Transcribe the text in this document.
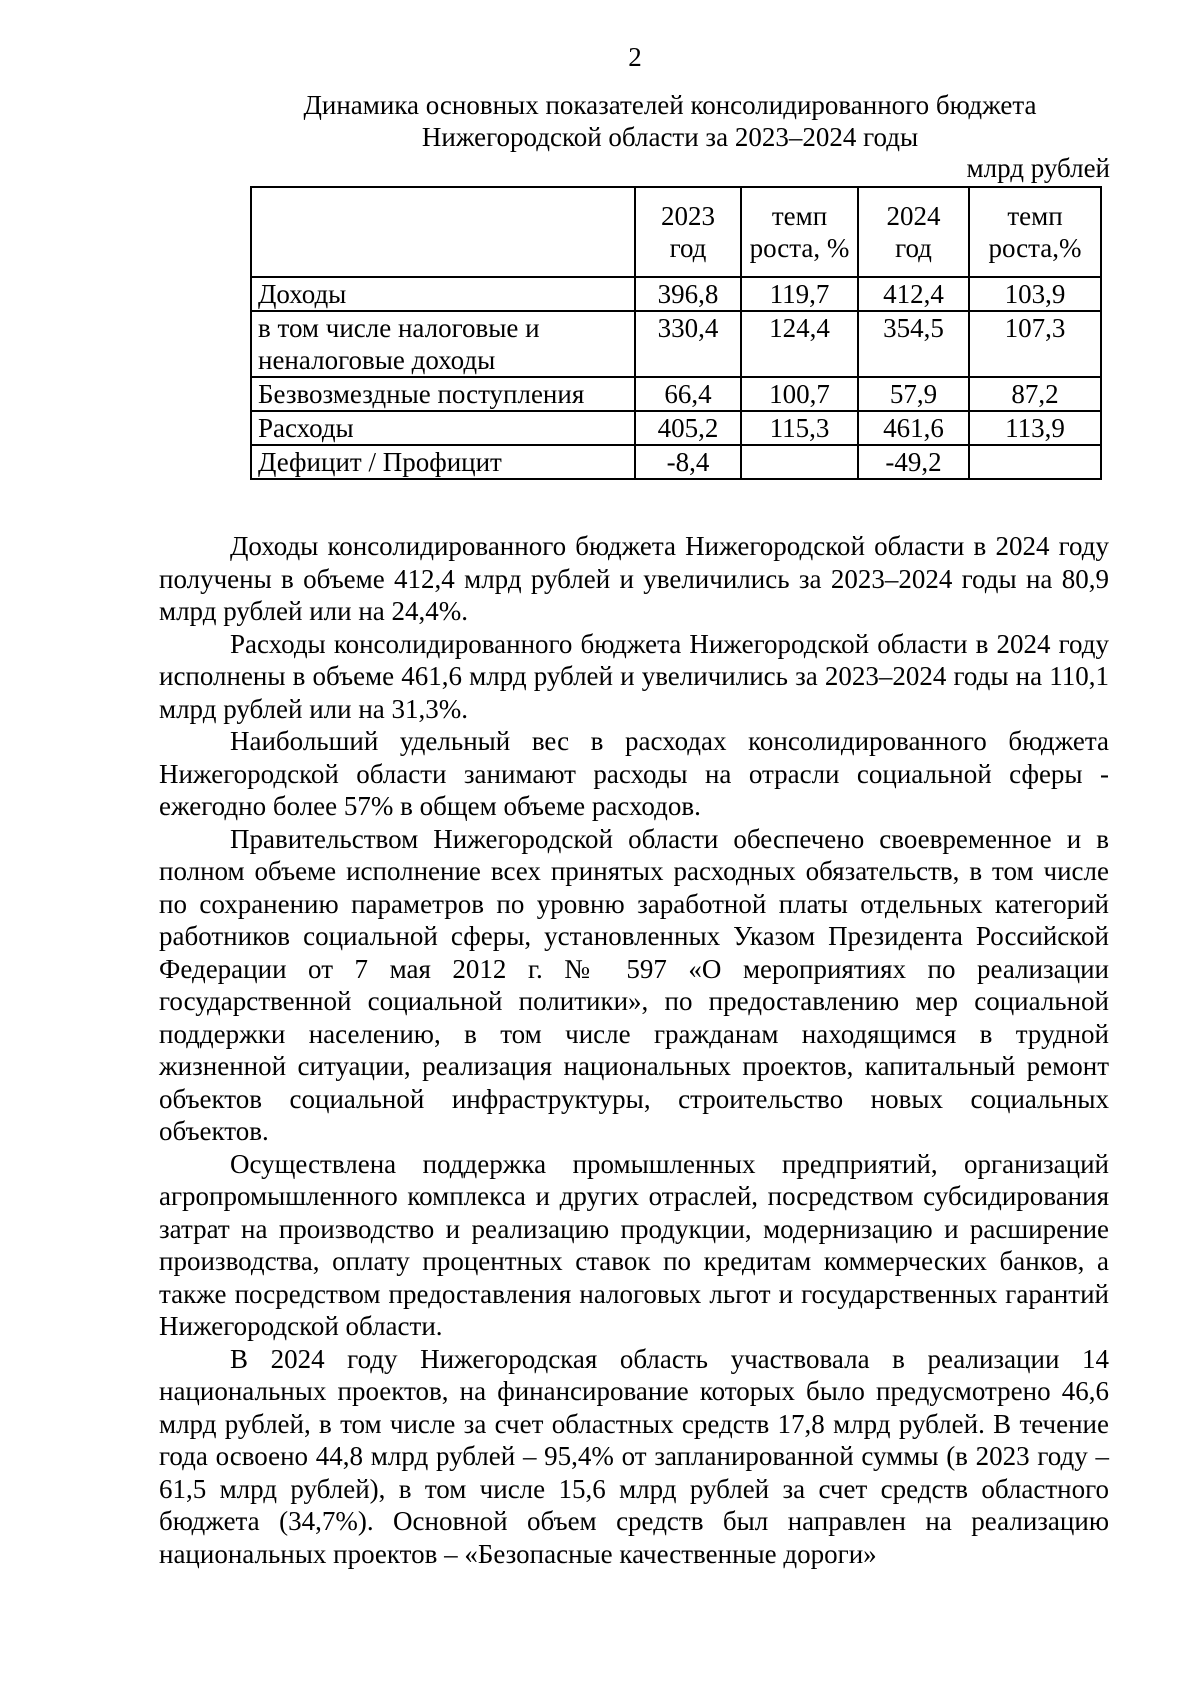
2
Динамика основных показателей консолидированного бюджета
Нижегородской области за 2023–2024 годы
млрд рублей
	2023 год	темп роста, %	2024 год	темп роста,%
Доходы	396,8	119,7	412,4	103,9
в том числе налоговые и неналоговые доходы	330,4	124,4	354,5	107,3
Безвозмездные поступления	66,4	100,7	57,9	87,2
Расходы	405,2	115,3	461,6	113,9
Дефицит / Профицит	-8,4		-49,2	

Доходы консолидированного бюджета Нижегородской области в 2024 году получены в объеме 412,4 млрд рублей и увеличились за 2023–2024 годы на 80,9 млрд рублей или на 24,4%.

Расходы консолидированного бюджета Нижегородской области в 2024 году исполнены в объеме 461,6 млрд рублей и увеличились за 2023–2024 годы на 110,1 млрд рублей или на 31,3%.

Наибольший удельный вес в расходах консолидированного бюджета Нижегородской области занимают расходы на отрасли социальной сферы - ежегодно более 57% в общем объеме расходов.

Правительством Нижегородской области обеспечено своевременное и в полном объеме исполнение всех принятых расходных обязательств, в том числе по сохранению параметров по уровню заработной платы отдельных категорий работников социальной сферы, установленных Указом Президента Российской Федерации от 7 мая 2012 г. № 597 «О мероприятиях по реализации государственной социальной политики», по предоставлению мер социальной поддержки населению, в том числе гражданам находящимся в трудной жизненной ситуации, реализация национальных проектов, капитальный ремонт объектов социальной инфраструктуры, строительство новых социальных объектов.

Осуществлена поддержка промышленных предприятий, организаций агропромышленного комплекса и других отраслей, посредством субсидирования затрат на производство и реализацию продукции, модернизацию и расширение производства, оплату процентных ставок по кредитам коммерческих банков, а также посредством предоставления налоговых льгот и государственных гарантий Нижегородской области.

В 2024 году Нижегородская область участвовала в реализации 14 национальных проектов, на финансирование которых было предусмотрено 46,6 млрд рублей, в том числе за счет областных средств 17,8 млрд рублей. В течение года освоено 44,8 млрд рублей – 95,4% от запланированной суммы (в 2023 году – 61,5 млрд рублей), в том числе 15,6 млрд рублей за счет средств областного бюджета (34,7%). Основной объем средств был направлен на реализацию национальных проектов – «Безопасные качественные дороги»
